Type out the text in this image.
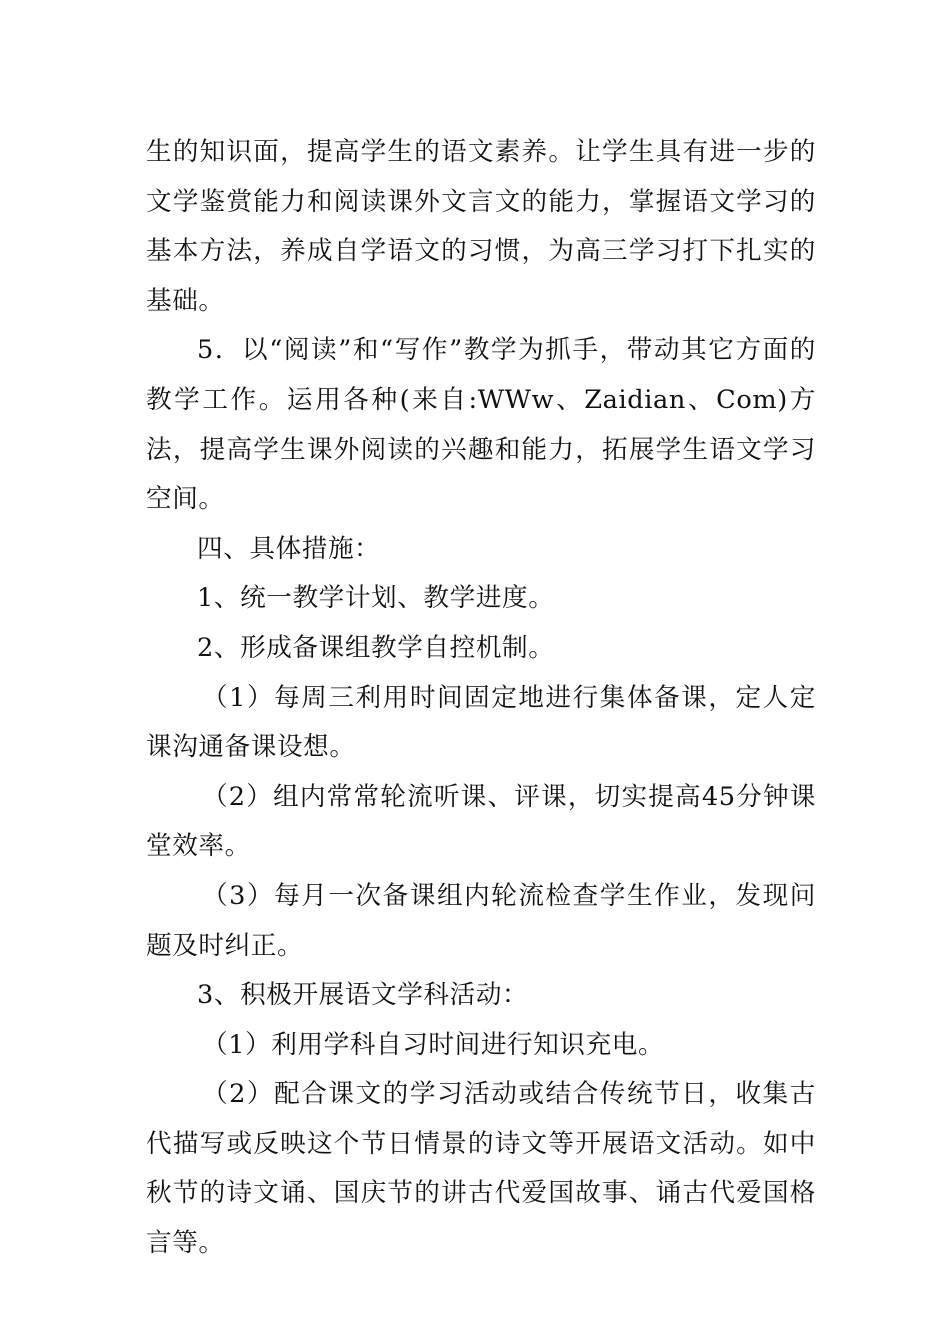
生的知识面，提高学生的语文素养。让学生具有进一步的文学鉴赏能力和阅读课外文言文的能力，掌握语文学习的基本方法，养成自学语文的习惯，为高三学习打下扎实的基础。

5．以“阅读”和“写作”教学为抓手，带动其它方面的教学工作。运用各种(来自:WWw、Zaidian、Com)方法，提高学生课外阅读的兴趣和能力，拓展学生语文学习空间。

四、具体措施：

1、统一教学计划、教学进度。

2、形成备课组教学自控机制。

（1）每周三利用时间固定地进行集体备课，定人定课沟通备课设想。

（2）组内常常轮流听课、评课，切实提高45分钟课堂效率。

（3）每月一次备课组内轮流检查学生作业，发现问题及时纠正。

3、积极开展语文学科活动：

（1）利用学科自习时间进行知识充电。

（2）配合课文的学习活动或结合传统节日，收集古代描写或反映这个节日情景的诗文等开展语文活动。如中秋节的诗文诵、国庆节的讲古代爱国故事、诵古代爱国格言等。
